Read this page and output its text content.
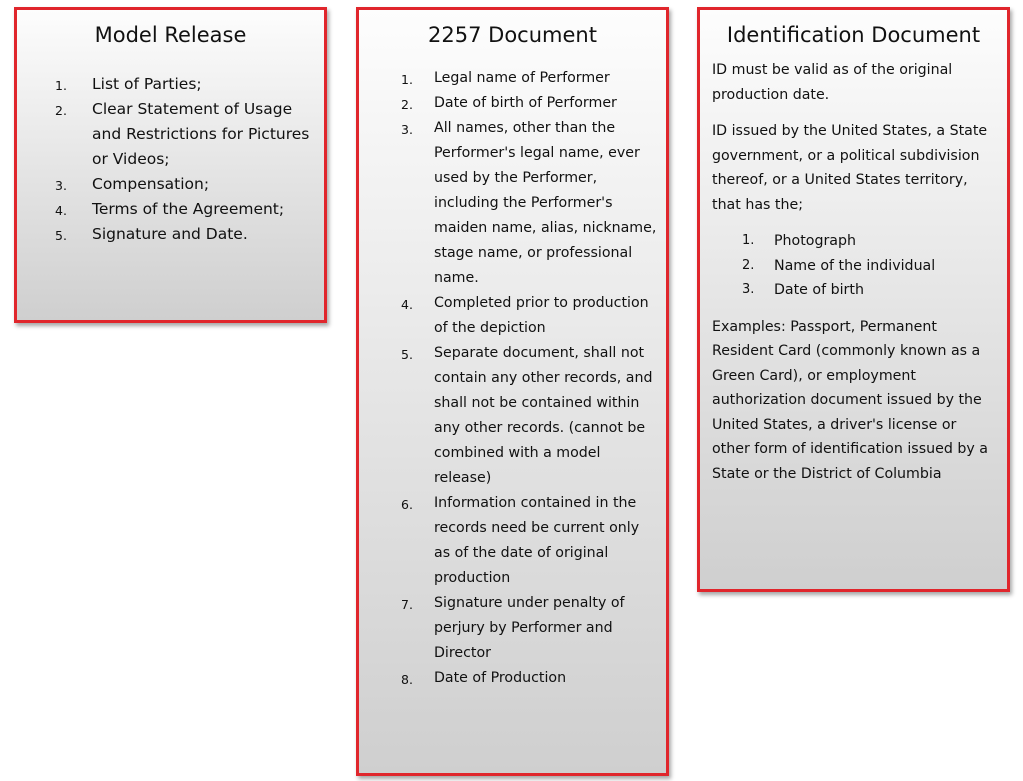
Model Release
1. List of Parties;
2. Clear Statement of Usage and Restrictions for Pictures or Videos;
3. Compensation;
4. Terms of the Agreement;
5. Signature and Date.
2257 Document
1. Legal name of Performer
2. Date of birth of Performer
3. All names, other than the Performer's legal name, ever used by the Performer, including the Performer's maiden name, alias, nickname, stage name, or professional name.
4. Completed prior to production of the depiction
5. Separate document, shall not contain any other records, and shall not be contained within any other records. (cannot be combined with a model release)
6. Information contained in the records need be current only as of the date of original production
7. Signature under penalty of perjury by Performer and Director
8. Date of Production
Identification Document

ID must be valid as of the original production date.

ID issued by the United States, a State government, or a political subdivision thereof, or a United States territory, that has the;

1. Photograph
2. Name of the individual
3. Date of birth

Examples: Passport, Permanent Resident Card (commonly known as a Green Card), or employment authorization document issued by the United States, a driver's license or other form of identification issued by a State or the District of Columbia
